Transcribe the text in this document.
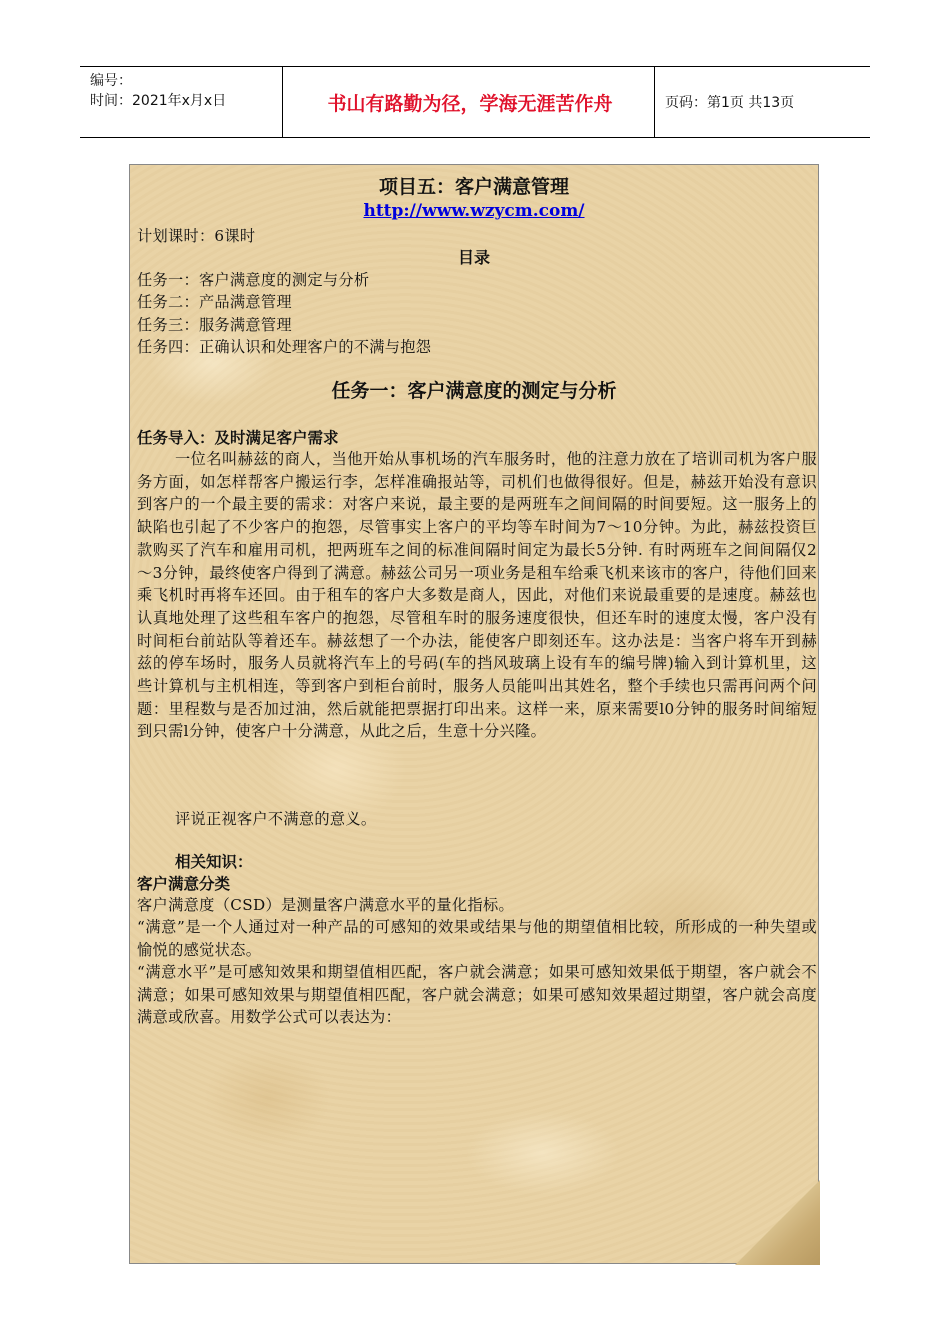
编号：
时间：2021年x月x日	书山有路勤为径，学海无涯苦作舟	页码：第1页 共13页
项目五：客户满意管理
http://www.wzycm.com/
计划课时：6课时
目录
任务一：客户满意度的测定与分析
任务二：产品满意管理
任务三：服务满意管理
任务四：正确认识和处理客户的不满与抱怨
任务一：客户满意度的测定与分析
任务导入：及时满足客户需求
一位名叫赫兹的商人，当他开始从事机场的汽车服务时，他的注意力放在了培训司机为客户服务方面，如怎样帮客户搬运行李，怎样准确报站等，司机们也做得很好。但是，赫兹开始没有意识到客户的一个最主要的需求：对客户来说，最主要的是两班车之间间隔的时间要短。这一服务上的缺陷也引起了不少客户的抱怨，尽管事实上客户的平均等车时间为7～10分钟。为此，赫兹投资巨款购买了汽车和雇用司机，把两班车之间的标准间隔时间定为最长5分钟. 有时两班车之间间隔仅2～3分钟，最终使客户得到了满意。赫兹公司另一项业务是租车给乘飞机来该市的客户，待他们回来乘飞机时再将车还回。由于租车的客户大多数是商人，因此，对他们来说最重要的是速度。赫兹也认真地处理了这些租车客户的抱怨，尽管租车时的服务速度很快，但还车时的速度太慢，客户没有时间柜台前站队等着还车。赫兹想了一个办法，能使客户即刻还车。这办法是：当客户将车开到赫兹的停车场时，服务人员就将汽车上的号码(车的挡风玻璃上设有车的编号牌)输入到计算机里，这些计算机与主机相连，等到客户到柜台前时，服务人员能叫出其姓名，整个手续也只需再问两个问题：里程数与是否加过油，然后就能把票据打印出来。这样一来，原来需要l0分钟的服务时间缩短到只需l分钟，使客户十分满意，从此之后，生意十分兴隆。
评说正视客户不满意的意义。
相关知识：
客户满意分类
客户满意度（CSD）是测量客户满意水平的量化指标。
“满意”是一个人通过对一种产品的可感知的效果或结果与他的期望值相比较，所形成的一种失望或愉悦的感觉状态。
“满意水平”是可感知效果和期望值相匹配，客户就会满意；如果可感知效果低于期望，客户就会不满意；如果可感知效果与期望值相匹配，客户就会满意；如果可感知效果超过期望，客户就会高度满意或欣喜。用数学公式可以表达为：
